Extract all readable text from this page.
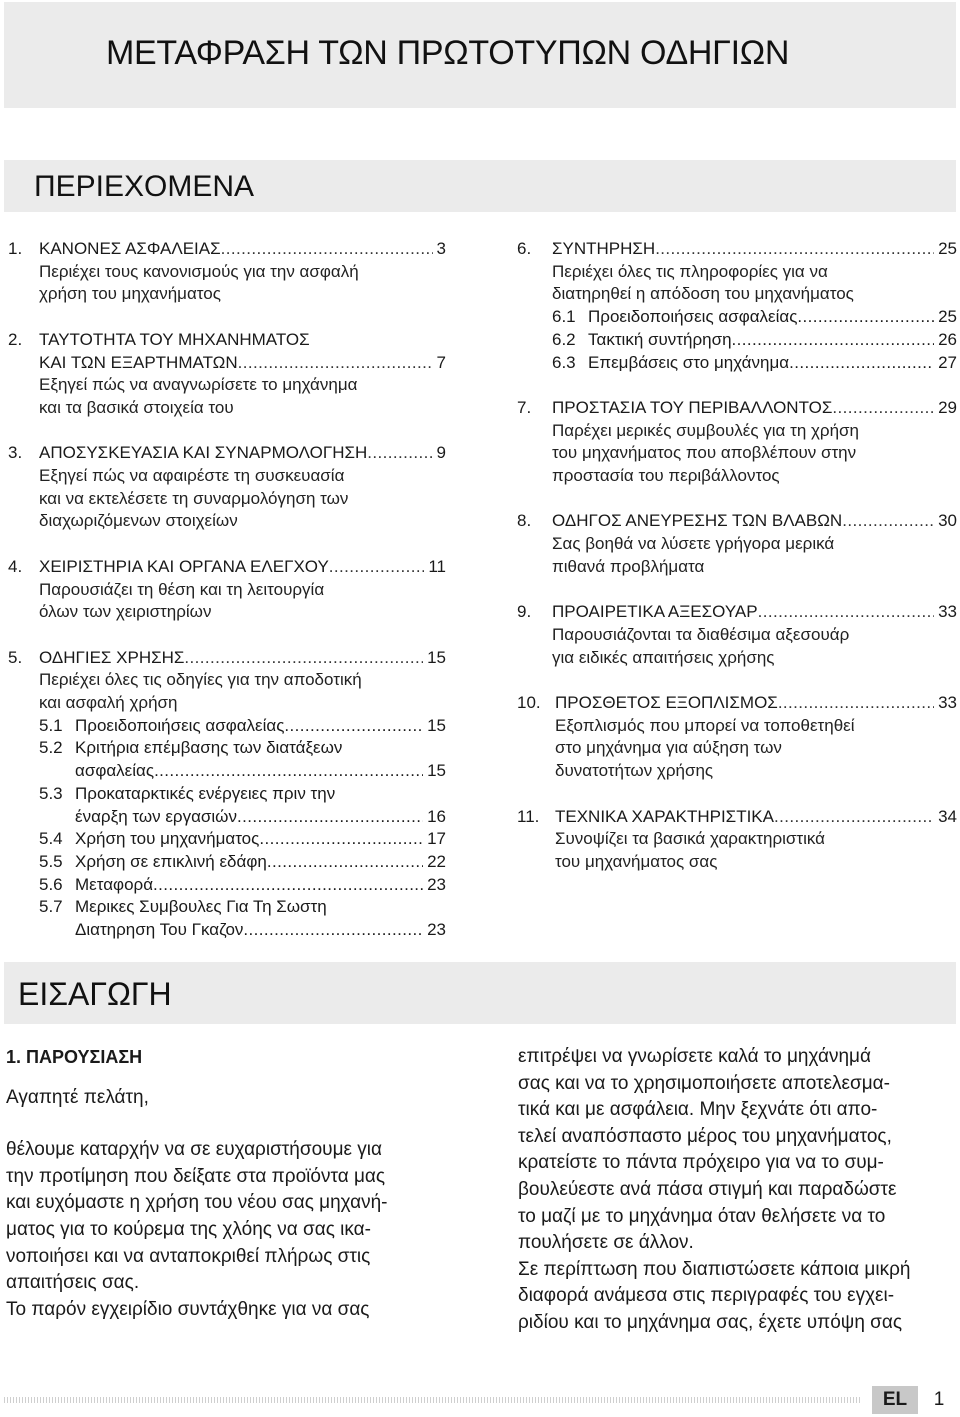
ΜΕΤΑΦΡΑΣΗ ΤΩΝ ΠΡΩΤΟΤΥΠΩΝ ΟΔΗΓΙΩΝ
ΠΕΡΙΕΧΟΜΕΝΑ
1. ΚΑΝΟΝΕΣ ΑΣΦΑΛΕΙΑΣ .....	3
Περιέχει τους κανονισμούς για την ασφαλή
χρήση του μηχανήματος
2. ΤΑΥΤΟΤΗΤΑ ΤΟΥ ΜΗΧΑΝΗΜΑΤΟΣ
ΚΑΙ ΤΩΝ ΕΞΑΡΤΗΜΑΤΩΝ .....	7
Εξηγεί πώς να αναγνωρίσετε το μηχάνημα
και τα βασικά στοιχεία του
3. ΑΠΟΣΥΣΚΕΥΑΣΙΑ ΚΑΙ ΣΥΝΑΡΜΟΛΟΓΗΣΗ .....	9
Εξηγεί πώς να αφαιρέστε τη συσκευασία
και να εκτελέσετε τη συναρμολόγηση των
διαχωριζόμενων στοιχείων
4. ΧΕΙΡΙΣΤΗΡΙΑ ΚΑΙ ΟΡΓΑΝΑ ΕΛΕΓΧΟΥ .....	11
Παρουσιάζει τη θέση και τη λειτουργία
όλων των χειριστηρίων
5. ΟΔΗΓΙΕΣ ΧΡΗΣΗΣ .....	15
Περιέχει όλες τις οδηγίες για την αποδοτική
και ασφαλή χρήση
5.1 Προειδοποιήσεις ασφαλείας .....	15
5.2 Κριτήρια επέμβασης των διατάξεων
ασφαλείας .....	15
5.3 Προκαταρκτικές ενέργειες πριν την
έναρξη των εργασιών .....	16
5.4 Χρήση του μηχανήματος .....	17
5.5 Χρήση σε επικλινή εδάφη .....	22
5.6 Μεταφορά .....	23
5.7 Μερικες Συμβουλες Για Τη Σωστη
Διατηρηση Του Γκαζον .....	23
6.	ΣΥΝΤΗΡΗΣΗ .....	25
Περιέχει όλες τις πληροφορίες για να
διατηρηθεί η απόδοση του μηχανήματος
6.1 Προειδοποιήσεις ασφαλείας .....	25
6.2 Τακτική συντήρηση .....	26
6.3 Επεμβάσεις στο μηχάνημα .....	27
7.	ΠΡΟΣΤΑΣΙΑ ΤΟΥ ΠΕΡΙΒΑΛΛΟΝΤΟΣ .....	29
Παρέχει μερικές συμβουλές για τη χρήση
του μηχανήματος που αποβλέπουν στην
προστασία του περιβάλλοντος
8.	ΟΔΗΓΟΣ ΑΝΕΥΡΕΣΗΣ ΤΩΝ ΒΛΑΒΩΝ .....	30
Σας βοηθά να λύσετε γρήγορα μερικά
πιθανά προβλήματα
9.	ΠΡΟΑΙΡΕΤΙΚΑ ΑΞΕΣΟΥΑΡ .....	33
Παρουσιάζονται τα διαθέσιμα αξεσουάρ
για ειδικές απαιτήσεις χρήσης
10. ΠΡΟΣΘΕΤΟΣ ΕΞΟΠΛΙΣΜΟΣ .....	33
Εξοπλισμός που μπορεί να τοποθετηθεί
στο μηχάνημα για αύξηση των
δυνατοτήτων χρήσης
11. ΤΕΧΝΙΚΑ ΧΑΡΑΚΤΗΡΙΣΤΙΚΑ .....	34
Συνοψίζει τα βασικά χαρακτηριστικά
του μηχανήματος σας
ΕΙΣΑΓΩΓΗ
1. ΠΑΡΟΥΣΙΑΣΗ
Αγαπητέ πελάτη,
θέλουμε καταρχήν να σε ευχαριστήσουμε για
την προτίμηση που δείξατε στα προϊόντα μας
και ευχόμαστε η χρήση του νέου σας μηχανή-
ματος για το κούρεμα της χλόης να σας ικα-
νοποιήσει και να ανταποκριθεί πλήρως στις
απαιτήσεις σας.
Το παρόν εγχειρίδιο συντάχθηκε για να σας
επιτρέψει να γνωρίσετε καλά το μηχάνημά
σας και να το χρησιμοποιήσετε αποτελεσμα-
τικά και με ασφάλεια. Μην ξεχνάτε ότι απο-
τελεί αναπόσπαστο μέρος του μηχανήματος,
κρατείστε το πάντα πρόχειρο για να το συμ-
βουλεύεστε ανά πάσα στιγμή και παραδώστε
το μαζί με το μηχάνημα όταν θελήσετε να το
πουλήσετε σε άλλον.
Σε περίπτωση που διαπιστώσετε κάποια μικρή
διαφορά ανάμεσα στις περιγραφές του εγχει-
ριδίου και το μηχάνημα σας, έχετε υπόψη σας
EL	1
